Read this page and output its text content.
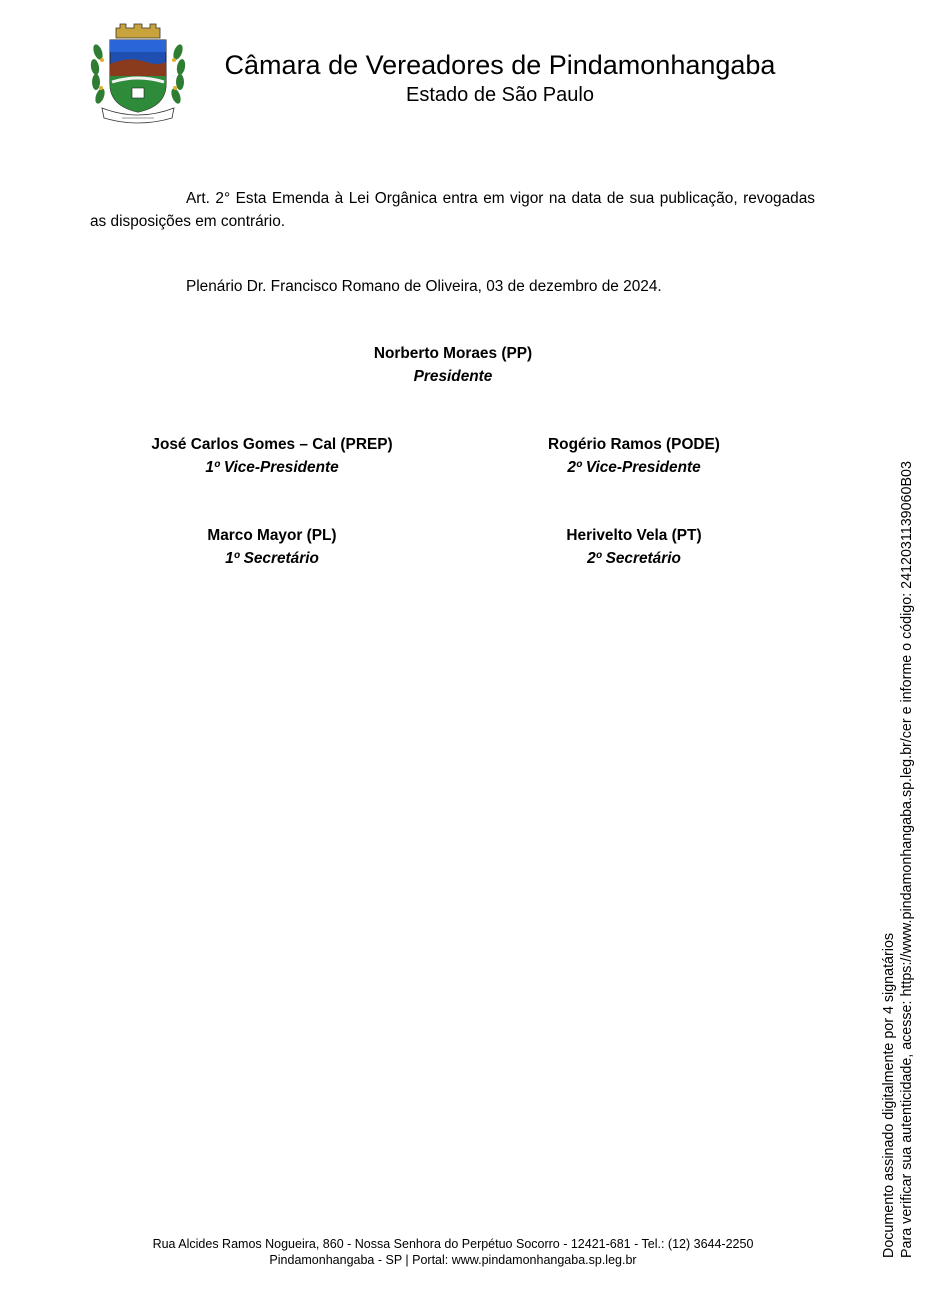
Câmara de Vereadores de Pindamonhangaba
Estado de São Paulo

Art. 2° Esta Emenda à Lei Orgânica entra em vigor na data de sua publicação, revogadas as disposições em contrário.

Plenário Dr. Francisco Romano de Oliveira, 03 de dezembro de 2024.

Norberto Moraes (PP)
Presidente
José Carlos Gomes – Cal (PREP)
1º Vice-Presidente
Rogério Ramos (PODE)
2º Vice-Presidente
Marco Mayor (PL)
1º Secretário
Herivelto Vela (PT)
2º Secretário
Documento assinado digitalmente por 4 signatários Para verificar sua autenticidade, acesse: https://www.pindamonhangaba.sp.leg.br/cer e informe o código: 2412031139060B03
Rua Alcides Ramos Nogueira, 860 - Nossa Senhora do Perpétuo Socorro - 12421-681 - Tel.: (12) 3644-2250
Pindamonhangaba - SP | Portal: www.pindamonhangaba.sp.leg.br
